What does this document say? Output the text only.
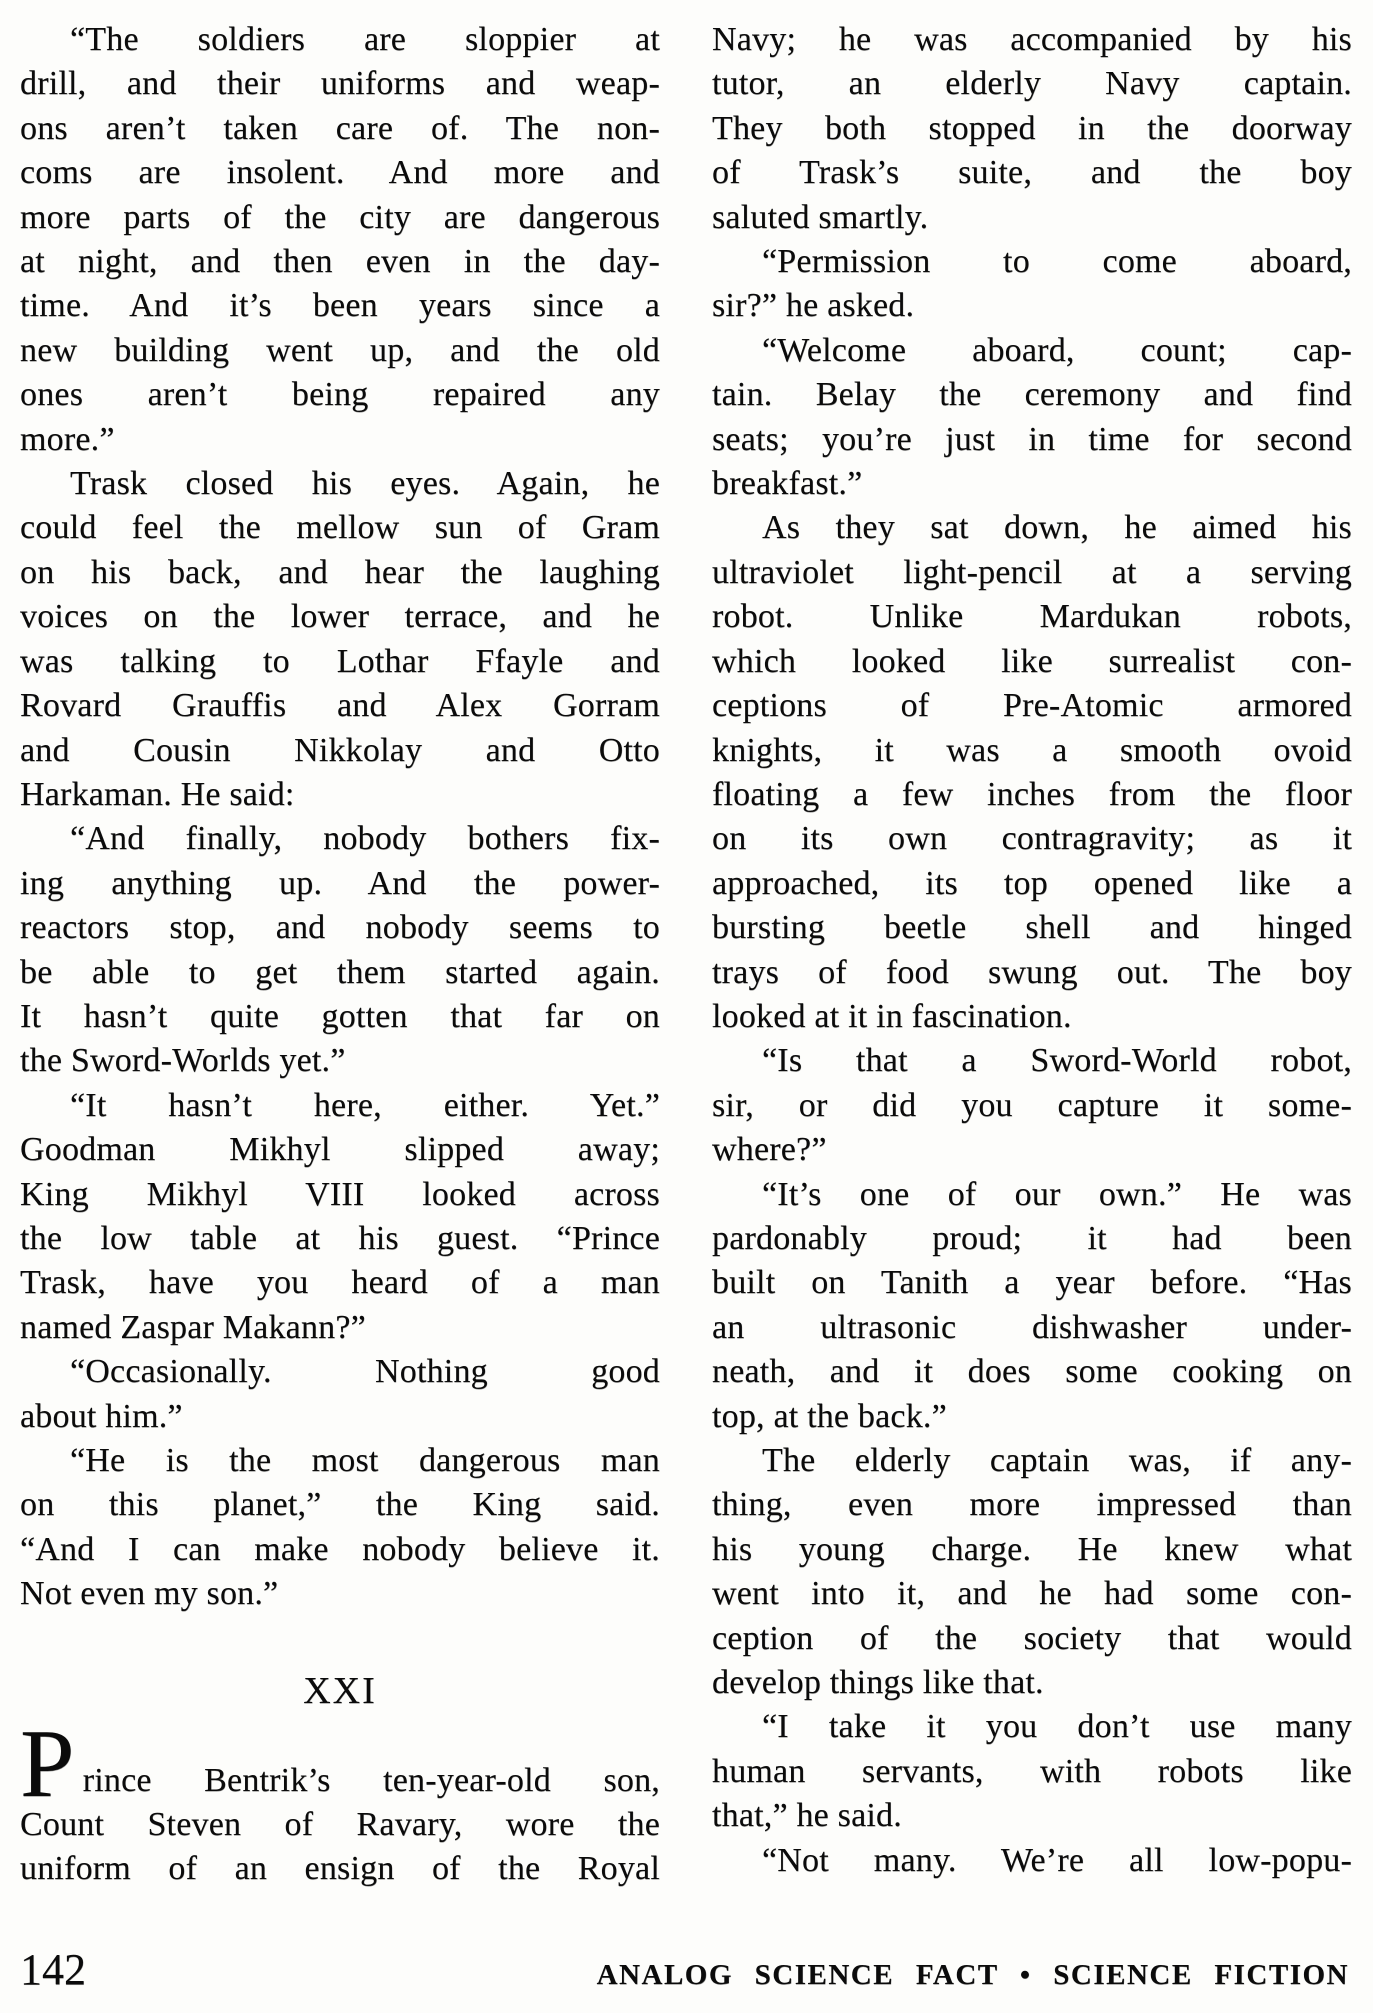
“The soldiers are sloppier at
drill, and their uniforms and weap-
ons aren’t taken care of. The non-
coms are insolent. And more and
more parts of the city are dangerous
at night, and then even in the day-
time. And it’s been years since a
new building went up, and the old
ones aren’t being repaired any
more.”
Trask closed his eyes. Again, he
could feel the mellow sun of Gram
on his back, and hear the laughing
voices on the lower terrace, and he
was talking to Lothar Ffayle and
Rovard Grauffis and Alex Gorram
and Cousin Nikkolay and Otto
Harkaman. He said:
“And finally, nobody bothers fix-
ing anything up. And the power-
reactors stop, and nobody seems to
be able to get them started again.
It hasn’t quite gotten that far on
the Sword-Worlds yet.”
“It hasn’t here, either. Yet.”
Goodman Mikhyl slipped away;
King Mikhyl VIII looked across
the low table at his guest. “Prince
Trask, have you heard of a man
named Zaspar Makann?”
“Occasionally. Nothing good
about him.”
“He is the most dangerous man
on this planet,” the King said.
“And I can make nobody believe it.
Not even my son.”
XXI
Prince Bentrik’s ten-year-old son,
Count Steven of Ravary, wore the
uniform of an ensign of the Royal
Navy; he was accompanied by his
tutor, an elderly Navy captain.
They both stopped in the doorway
of Trask’s suite, and the boy
saluted smartly.
“Permission to come aboard,
sir?” he asked.
“Welcome aboard, count; cap-
tain. Belay the ceremony and find
seats; you’re just in time for second
breakfast.”
As they sat down, he aimed his
ultraviolet light-pencil at a serving
robot. Unlike Mardukan robots,
which looked like surrealist con-
ceptions of Pre-Atomic armored
knights, it was a smooth ovoid
floating a few inches from the floor
on its own contragravity; as it
approached, its top opened like a
bursting beetle shell and hinged
trays of food swung out. The boy
looked at it in fascination.
“Is that a Sword-World robot,
sir, or did you capture it some-
where?”
“It’s one of our own.” He was
pardonably proud; it had been
built on Tanith a year before. “Has
an ultrasonic dishwasher under-
neath, and it does some cooking on
top, at the back.”
The elderly captain was, if any-
thing, even more impressed than
his young charge. He knew what
went into it, and he had some con-
ception of the society that would
develop things like that.
“I take it you don’t use many
human servants, with robots like
that,” he said.
“Not many. We’re all low-popu-
142	ANALOG SCIENCE FACT • SCIENCE FICTION
